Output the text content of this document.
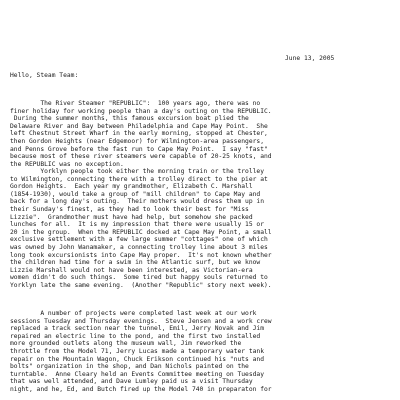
June 13, 2005
Hello, Steam Team:
The River Steamer "REPUBLIC":  100 years ago, there was no
finer holiday for working people than a day's outing on the REPUBLIC.
During the summer months, this famous excursion boat plied the
Delaware River and Bay between Philadelphia and Cape May Point.  She
left Chestnut Street Wharf in the early morning, stopped at Chester,
then Gordon Heights (near Edgemoor) for Wilmington-area passengers,
and Penns Grove before the fast run to Cape May Point.  I say "fast"
because most of these river steamers were capable of 20-25 knots, and
the REPUBLIC was no exception.
Yorklyn people took either the morning train or the trolley
to Wilmington, connecting there with a trolley direct to the pier at
Gordon Heights.  Each year my grandmother, Elizabeth C. Marshall
(1854-1930), would take a group of "mill children" to Cape May and
back for a long day's outing.  Their mothers would dress them up in
their Sunday's finest, as they had to look their best for "Miss
Lizzie".  Grandmother must have had help, but somehow she packed
lunches for all.  It is my impression that there were usually 15 or
20 in the group.  When the REPUBLIC docked at Cape May Point, a small
exclusive settlement with a few large summer "cottages" one of which
was owned by John Wanamaker, a connecting trolley line about 3 miles
long took excursionists into Cape May proper.  It's not known whether
the children had time for a swim in the Atlantic surf, but we know
Lizzie Marshall would not have been interested, as Victorian-era
women didn't do such things.  Some tired but happy souls returned to
Yorklyn late the same evening.  (Another "Republic" story next week).
A number of projects were completed last week at our work
sessions Tuesday and Thursday evenings.  Steve Jensen and a work crew
replaced a track section near the tunnel, Emil, Jerry Novak and Jim
repaired an electric line to the pond, and the first two installed
more grounded outlets along the museum wall, Jim reworked the
throttle from the Model 71, Jerry Lucas made a temporary water tank
repair on the Mountain Wagon, Chuck Erikson continued his "nuts and
bolts" organization in the shop, and Dan Nichols painted on the
turntable.  Anne Cleary held an Events Committee meeting on Tuesday
that was well attended, and Dave Lumley paid us a visit Thursday
night, and he, Ed, and Butch fired up the Model 740 in preparaton for
